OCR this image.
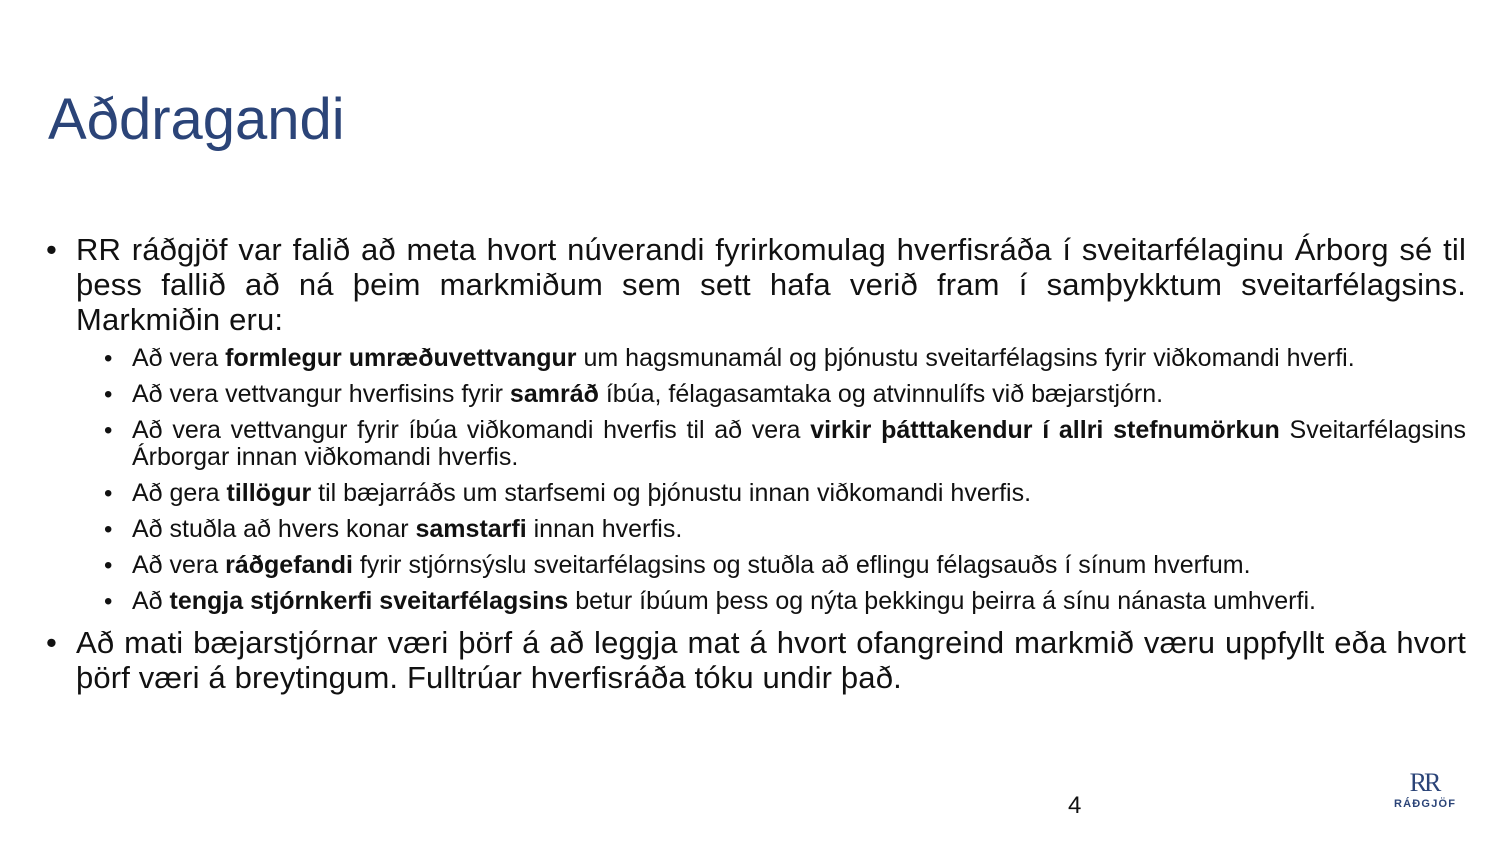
Aðdragandi
• RR ráðgjöf var falið að meta hvort núverandi fyrirkomulag hverfisráða í sveitarfélaginu Árborg sé til þess fallið að ná þeim markmiðum sem sett hafa verið fram í samþykktum sveitarfélagsins. Markmiðin eru:
• Að vera formlegur umræðuvettvangur um hagsmunamál og þjónustu sveitarfélagsins fyrir viðkomandi hverfi.
• Að vera vettvangur hverfisins fyrir samráð íbúa, félagasamtaka og atvinnulífs við bæjarstjórn.
• Að vera vettvangur fyrir íbúa viðkomandi hverfis til að vera virkir þátttakendur í allri stefnumörkun Sveitarfélagsins Árborgar innan viðkomandi hverfis.
• Að gera tillögur til bæjarráðs um starfsemi og þjónustu innan viðkomandi hverfis.
• Að stuðla að hvers konar samstarfi innan hverfis.
• Að vera ráðgefandi fyrir stjórnsýslu sveitarfélagsins og stuðla að eflingu félagsauðs í sínum hverfum.
• Að tengja stjórnkerfi sveitarfélagsins betur íbúum þess og nýta þekkingu þeirra á sínu nánasta umhverfi.
• Að mati bæjarstjórnar væri þörf á að leggja mat á hvort ofangreind markmið væru uppfyllt eða hvort þörf væri á breytingum. Fulltrúar hverfisráða tóku undir það.
4
RR
RÁÐGJÖF
